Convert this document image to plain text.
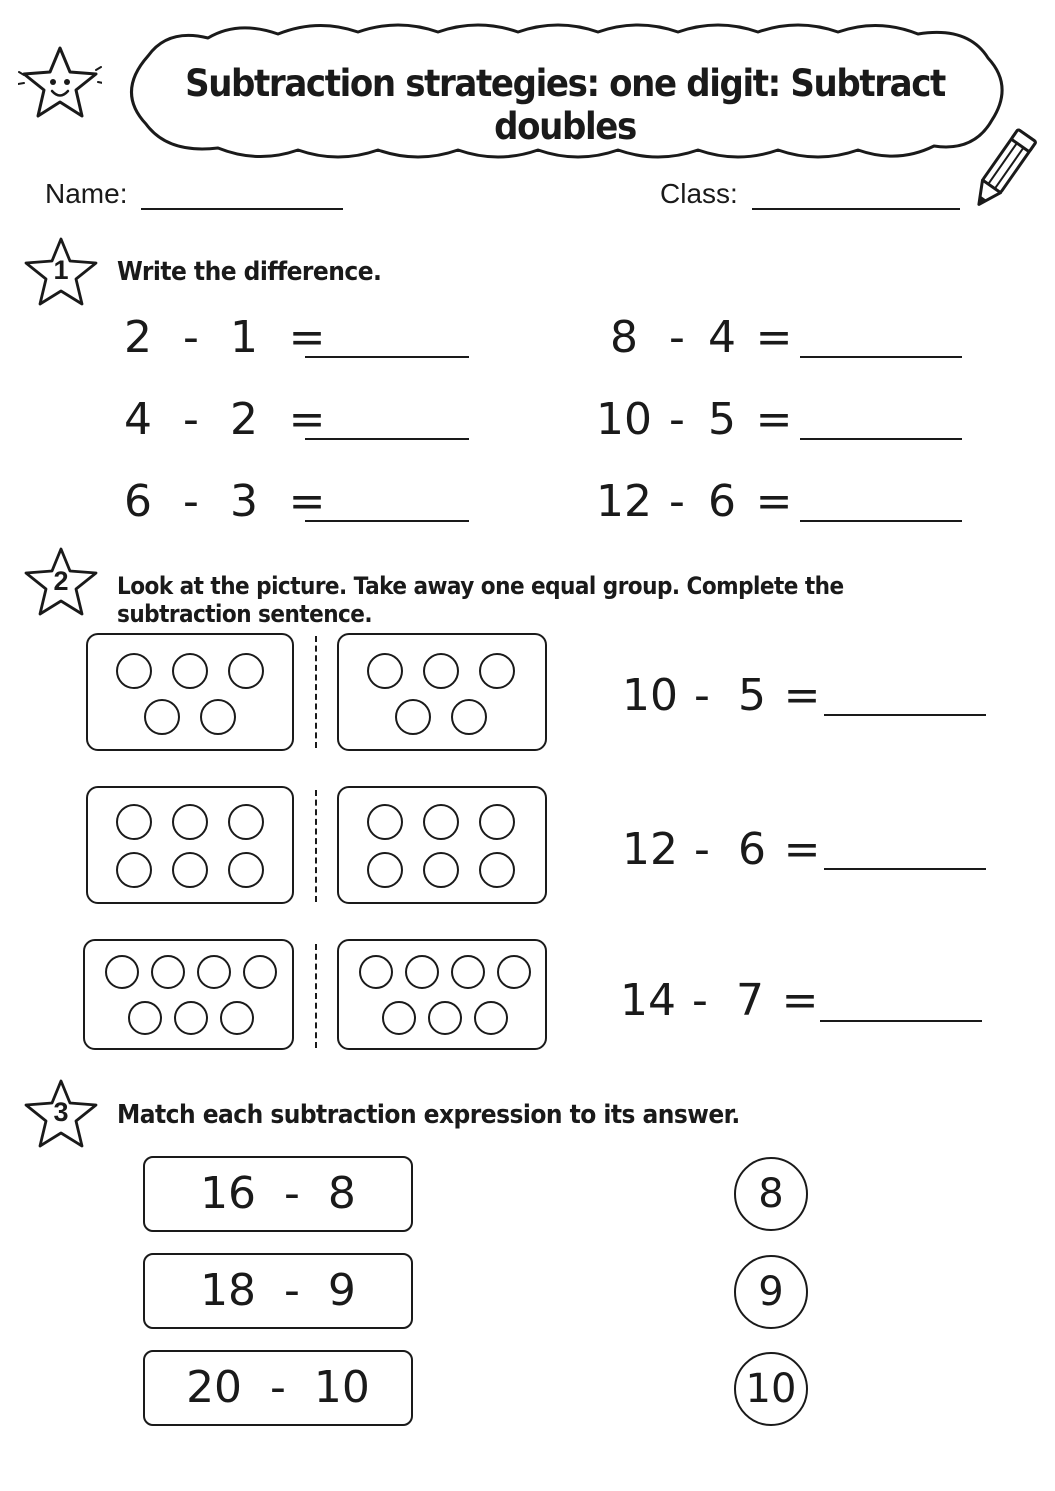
Subtraction strategies: one digit: Subtract doubles
Name:	Class:
1	Write the difference.
2 - 1 =
4 - 2 =
6 - 3 =
8 - 4 =
10 - 5 =
12 - 6 =
2	Look at the picture. Take away one equal group. Complete the subtraction sentence.
10 - 5 =
12 - 6 =
14 - 7 =
3	Match each subtraction expression to its answer.
16 - 8
18 - 9
20 - 10
8
9
10
